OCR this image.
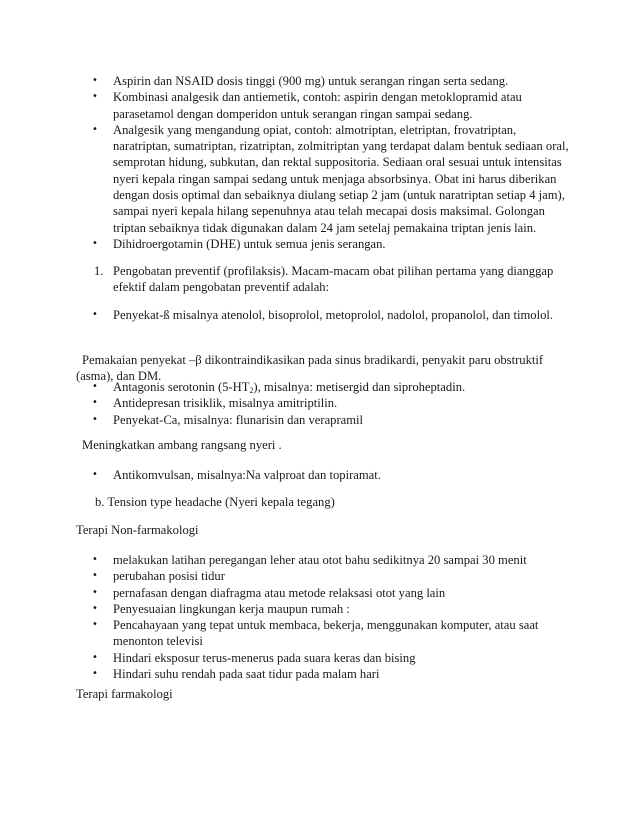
• Aspirin dan NSAID dosis tinggi (900 mg) untuk serangan ringan serta sedang.
• Kombinasi analgesik dan antiemetik, contoh: aspirin dengan metoklopramid atau parasetamol dengan domperidon untuk serangan ringan sampai sedang.
• Analgesik yang mengandung opiat, contoh: almotriptan, eletriptan, frovatriptan, naratriptan, sumatriptan, rizatriptan, zolmitriptan yang terdapat dalam bentuk sediaan oral, semprotan hidung, subkutan, dan rektal suppositoria. Sediaan oral sesuai untuk intensitas nyeri kepala ringan sampai sedang untuk menjaga absorbsinya. Obat ini harus diberikan dengan dosis optimal dan sebaiknya diulang setiap 2 jam (untuk naratriptan setiap 4 jam), sampai nyeri kepala hilang sepenuhnya atau telah mecapai dosis maksimal. Golongan triptan sebaiknya tidak digunakan dalam 24 jam setelaj pemakaina triptan jenis lain.
• Dihidroergotamin (DHE) untuk semua jenis serangan.
1. Pengobatan preventif (profilaksis). Macam-macam obat pilihan pertama yang dianggap efektif dalam pengobatan preventif adalah:
• Penyekat-ß misalnya atenolol, bisoprolol, metoprolol, nadolol, propanolol, dan timolol.

Pemakaian penyekat –β dikontraindikasikan pada sinus bradikardi, penyakit paru obstruktif (asma), dan DM.

• Antagonis serotonin $(5-HT_2)$, misalnya: metisergid dan siproheptadin.
• Antidepresan trisiklik, misalnya amitriptilin.
• Penyekat-Ca, misalnya: flunarisin dan verapramil

Meningkatkan ambang rangsang nyeri .

• Antikomvulsan, misalnya:Na valproat dan topiramat.

b. Tension type headache (Nyeri kepala tegang)

Terapi Non-farmakologi

• melakukan latihan peregangan leher atau otot bahu sedikitnya 20 sampai 30 menit
• perubahan posisi tidur
• pernafasan dengan diafragma atau metode relaksasi otot yang lain
• Penyesuaian lingkungan kerja maupun rumah :
• Pencahayaan yang tepat untuk membaca, bekerja, menggunakan komputer, atau saat menonton televisi
• Hindari eksposur terus-menerus pada suara keras dan bising
• Hindari suhu rendah pada saat tidur pada malam hari

Terapi farmakologi
